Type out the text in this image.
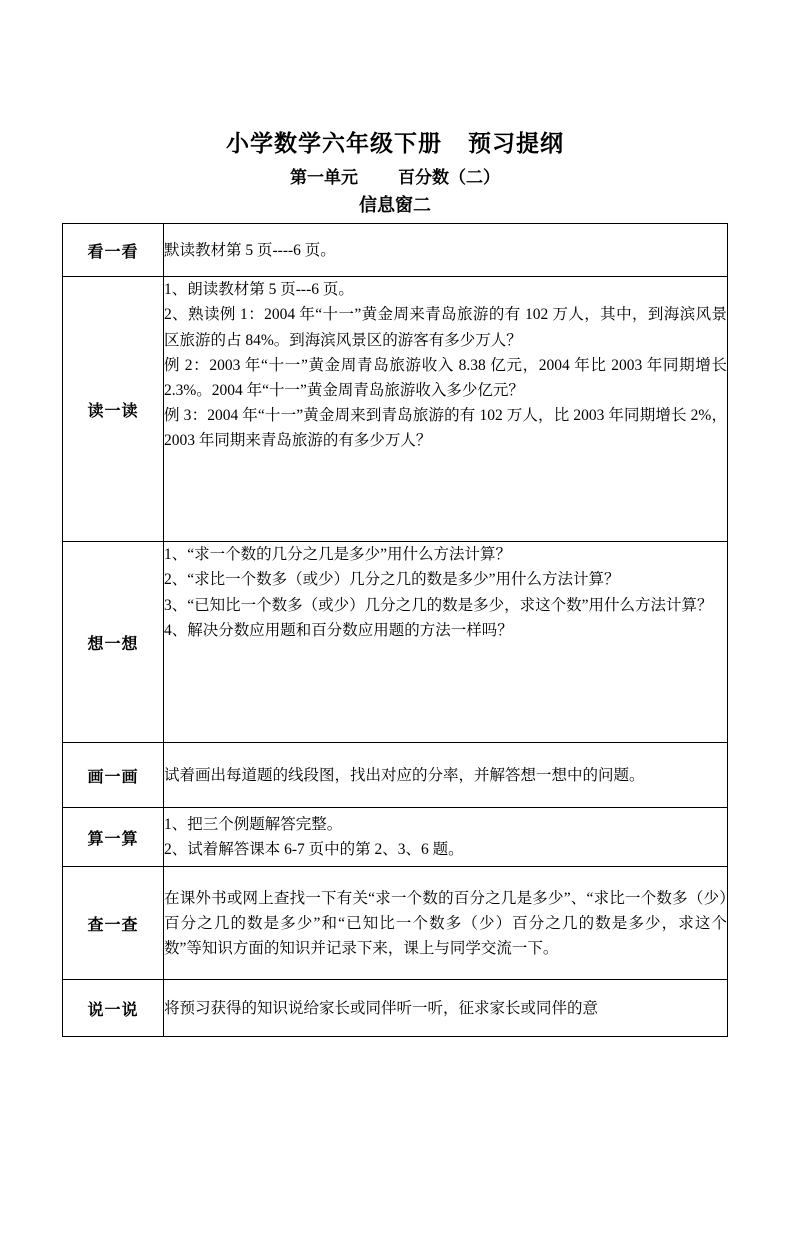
小学数学六年级下册 预习提纲
第一单元 百分数（二）
信息窗二
看一看	默读教材第 5 页----6 页。

读一读	1、朗读教材第 5 页---6 页。

2、熟读例 1：2004 年“十一”黄金周来青岛旅游的有 102 万人，其中，到海滨风景区旅游的占 84%。到海滨风景区的游客有多少万人？

例 2：2003 年“十一”黄金周青岛旅游收入 8.38 亿元，2004 年比 2003 年同期增长 2.3%。2004 年“十一”黄金周青岛旅游收入多少亿元？

例 3：2004 年“十一”黄金周来到青岛旅游的有 102 万人，比 2003 年同期增长 2%，2003 年同期来青岛旅游的有多少万人？

想一想	1、“求一个数的几分之几是多少”用什么方法计算？

2、“求比一个数多（或少）几分之几的数是多少”用什么方法计算？

3、“已知比一个数多（或少）几分之几的数是多少，求这个数”用什么方法计算？

4、解决分数应用题和百分数应用题的方法一样吗？

画一画	试着画出每道题的线段图，找出对应的分率，并解答想一想中的问题。

算一算	1、把三个例题解答完整。

2、试着解答课本 6-7 页中的第 2、3、6 题。

查一查	在课外书或网上查找一下有关“求一个数的百分之几是多少”、“求比一个数多（少）百分之几的数是多少”和“已知比一个数多（少）百分之几的数是多少，求这个数”等知识方面的知识并记录下来，课上与同学交流一下。

说一说	将预习获得的知识说给家长或同伴听一听，征求家长或同伴的意
